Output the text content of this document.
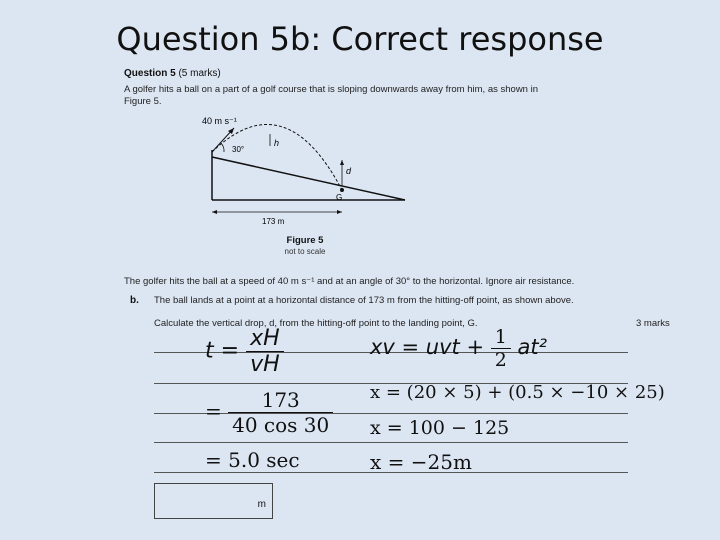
Question 5b: Correct response
Question 5 (5 marks)
A golfer hits a ball on a part of a golf course that is sloping downwards away from him, as shown in Figure 5.
40 m s⁻¹
30°
h
d
G
173 m
Figure 5
not to scale
The golfer hits the ball at a speed of 40 m s⁻¹ and at an angle of 30° to the horizontal. Ignore air resistance.
b. The ball lands at a point at a horizontal distance of 173 m from the hitting-off point, as shown above.
Calculate the vertical drop, d, from the hitting-off point to the landing point, G.	3 marks
$t = \frac{xH}{vH}$
= $\frac{173}{40 \cos 30}$
= 5.0 sec
xv = uvt + $\frac{1}{2} at^2$
x = (20 × 5) + (0.5 × −10 × 25)
x = 100 − 125
x = −25m
m
